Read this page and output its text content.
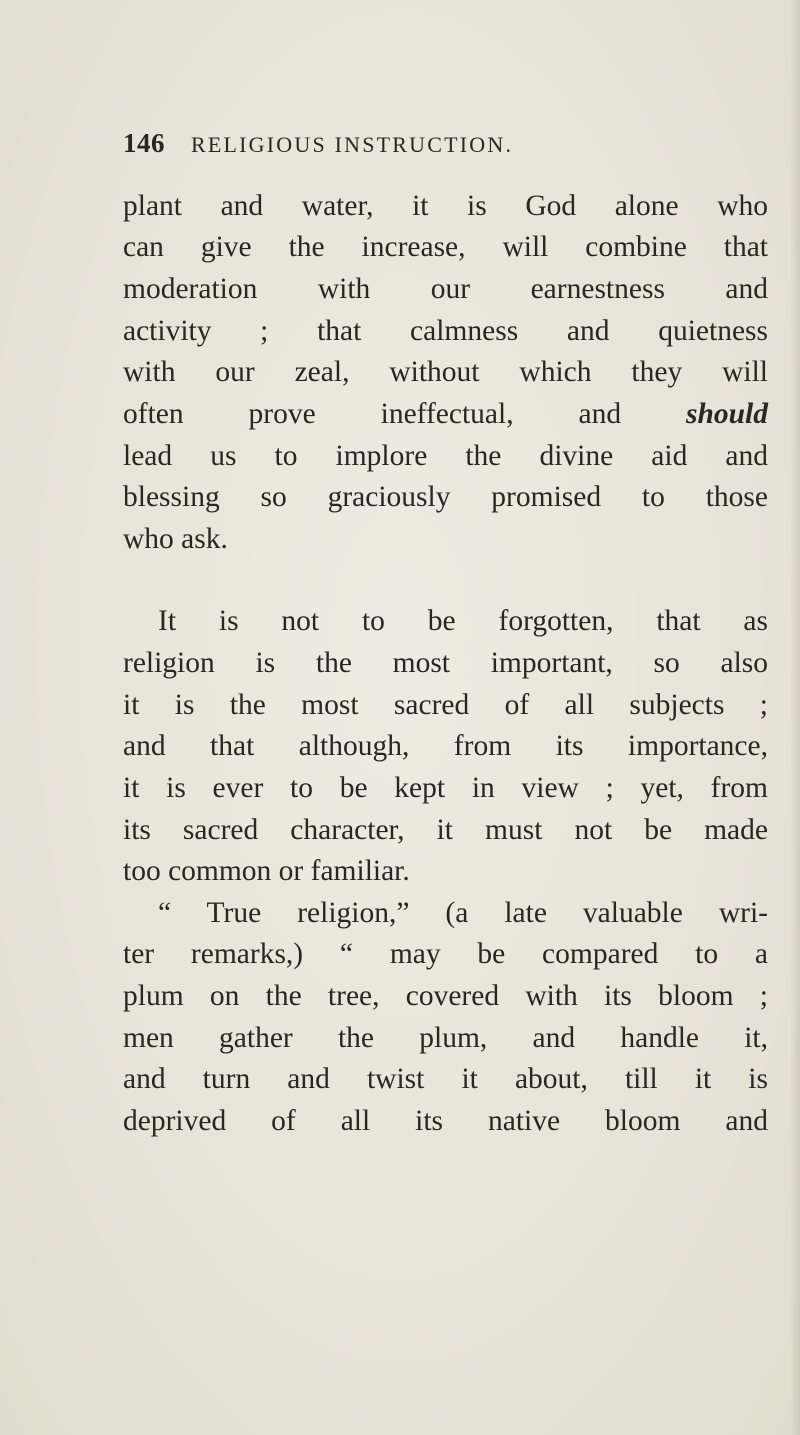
146 RELIGIOUS INSTRUCTION.
plant and water, it is God alone who
can give the increase, will combine that
moderation with our earnestness and
activity ; that calmness and quietness
with our zeal, without which they will
often prove ineffectual, and should
lead us to implore the divine aid and
blessing so graciously promised to those
who ask.
It is not to be forgotten, that as
religion is the most important, so also
it is the most sacred of all subjects ;
and that although, from its importance,
it is ever to be kept in view ; yet, from
its sacred character, it must not be made
too common or familiar.
“ True religion,” (a late valuable wri-
ter remarks,) “ may be compared to a
plum on the tree, covered with its bloom ;
men gather the plum, and handle it,
and turn and twist it about, till it is
deprived of all its native bloom and
